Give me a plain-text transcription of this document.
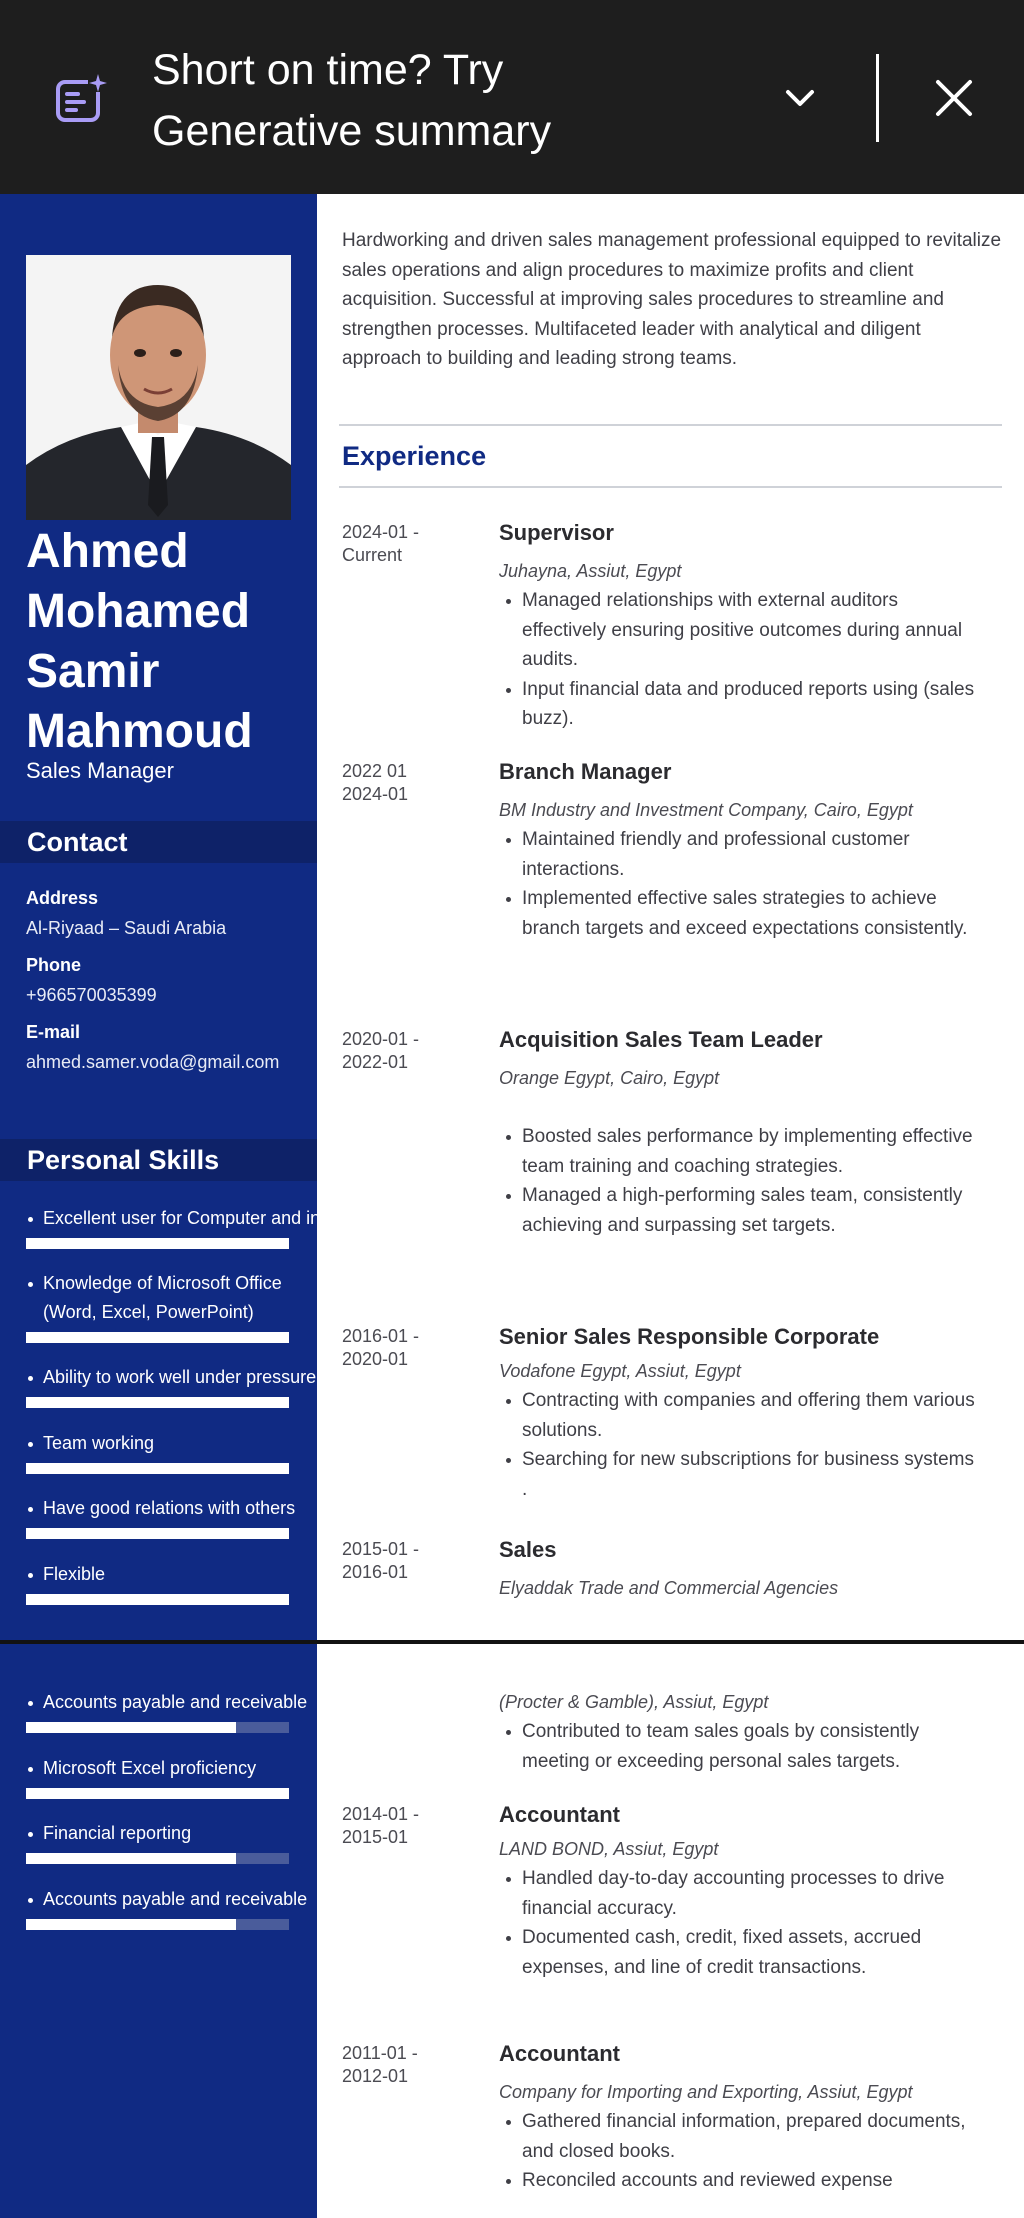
Short on time? Try Generative summary
Ahmed Mohamed Samir Mahmoud
Sales Manager
Contact
Address
Al-Riyaad – Saudi Arabia
Phone
+966570035399
E-mail
ahmed.samer.voda@gmail.com
Personal Skills
Excellent user for Computer and internet
Knowledge of Microsoft Office (Word, Excel, PowerPoint)
Ability to work well under pressure
Team working
Have good relations with others
Flexible
Hardworking and driven sales management professional equipped to revitalize sales operations and align procedures to maximize profits and client acquisition. Successful at improving sales procedures to streamline and strengthen processes. Multifaceted leader with analytical and diligent approach to building and leading strong teams.
Experience
2024-01 - Current
Supervisor
Juhayna, Assiut, Egypt
Managed relationships with external auditors effectively ensuring positive outcomes during annual audits.
Input financial data and produced reports using (sales buzz).
2022 01 2024-01
Branch Manager
BM Industry and Investment Company, Cairo, Egypt
Maintained friendly and professional customer interactions.
Implemented effective sales strategies to achieve branch targets and exceed expectations consistently.
2020-01 - 2022-01
Acquisition Sales Team Leader
Orange Egypt, Cairo, Egypt
Boosted sales performance by implementing effective team training and coaching strategies.
Managed a high-performing sales team, consistently achieving and surpassing set targets.
2016-01 - 2020-01
Senior Sales Responsible Corporate
Vodafone Egypt, Assiut, Egypt
Contracting with companies and offering them various solutions.
Searching for new subscriptions for business systems .
2015-01 - 2016-01
Sales
Elyaddak Trade and Commercial Agencies
Accounts payable and receivable
Microsoft Excel proficiency
Financial reporting
Accounts payable and receivable
(Procter & Gamble), Assiut, Egypt
Contributed to team sales goals by consistently meeting or exceeding personal sales targets.
2014-01 - 2015-01
Accountant
LAND BOND, Assiut, Egypt
Handled day-to-day accounting processes to drive financial accuracy.
Documented cash, credit, fixed assets, accrued expenses, and line of credit transactions.
2011-01 - 2012-01
Accountant
Company for Importing and Exporting, Assiut, Egypt
Gathered financial information, prepared documents, and closed books.
Reconciled accounts and reviewed expense
